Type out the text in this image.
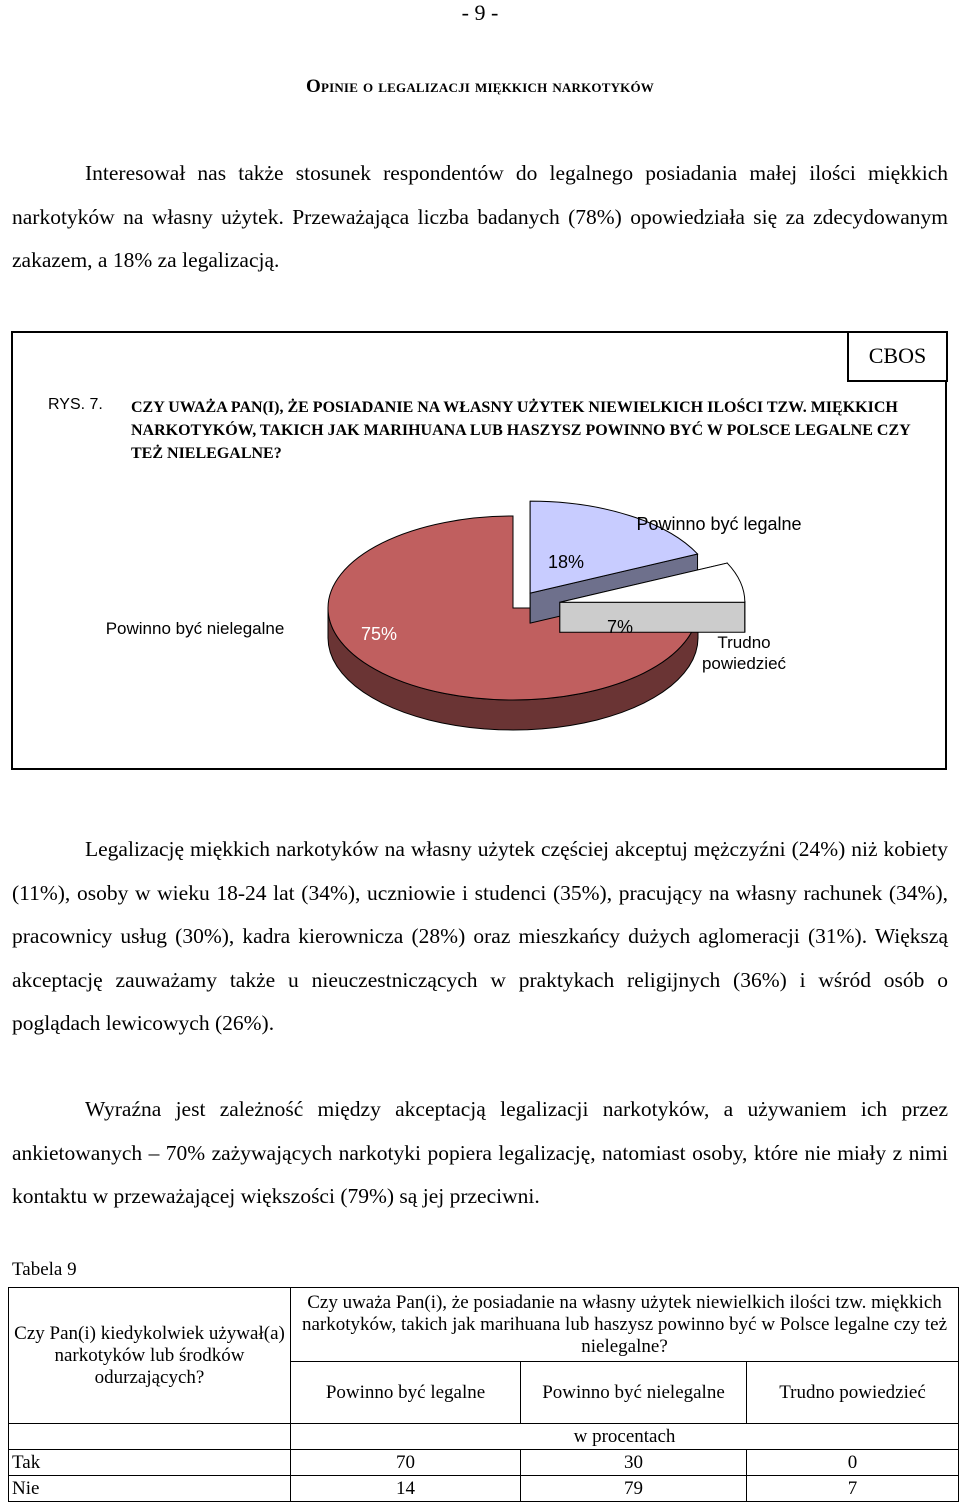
- 9 -
Opinie o legalizacji miękkich narkotyków
Interesował nas także stosunek respondentów do legalnego posiadania małej ilości miękkich narkotyków na własny użytek. Przeważająca liczba badanych (78%) opowiedziała się za zdecydowanym zakazem, a 18% za legalizacją.
CBOS
RYS. 7. CZY UWAŻA PAN(I), ŻE POSIADANIE NA WŁASNY UŻYTEK NIEWIELKICH ILOŚCI TZW. MIĘKKICH NARKOTYKÓW, TAKICH JAK MARIHUANA LUB HASZYSZ POWINNO BYĆ W POLSCE LEGALNE CZY TEŻ NIELEGALNE?
18%
7%
75%
Powinno być legalne
Powinno być nielegalne
Trudno
powiedzieć
Legalizację miękkich narkotyków na własny użytek częściej akceptuj mężczyźni (24%) niż kobiety (11%), osoby w wieku 18-24 lat (34%), uczniowie i studenci (35%), pracujący na własny rachunek (34%), pracownicy usług (30%), kadra kierownicza (28%) oraz mieszkańcy dużych aglomeracji (31%). Większą akceptację zauważamy także u nieuczestniczących w praktykach religijnych (36%) i wśród osób o poglądach lewicowych (26%).
Wyraźna jest zależność między akceptacją legalizacji narkotyków, a używaniem ich przez ankietowanych – 70% zażywających narkotyki popiera legalizację, natomiast osoby, które nie miały z nimi kontaktu w przeważającej większości (79%) są jej przeciwni.
Tabela 9
Czy Pan(i) kiedykolwiek używał(a) narkotyków lub środków odurzających?	Czy uważa Pan(i), że posiadanie na własny użytek niewielkich ilości tzw. miękkich narkotyków, takich jak marihuana lub haszysz powinno być w Polsce legalne czy też nielegalne?		
	Powinno być legalne	Powinno być nielegalne	Trudno powiedzieć
	w procentach		
Tak	70	30	0
Nie	14	79	7
